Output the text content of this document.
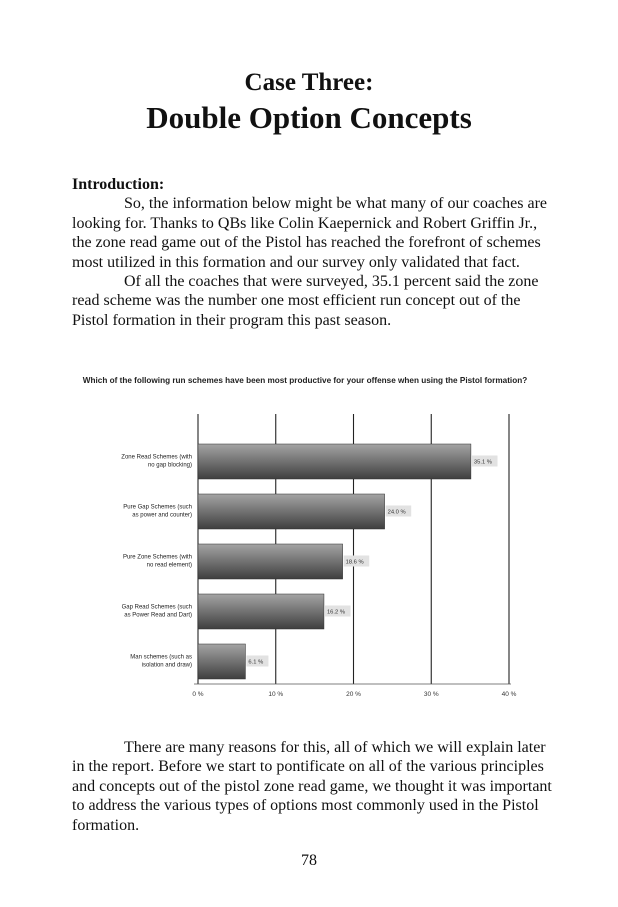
Case Three:
Double Option Concepts
Introduction:

So, the information below might be what many of our coaches are looking for. Thanks to QBs like Colin Kaepernick and Robert Griffin Jr., the zone read game out of the Pistol has reached the forefront of schemes most utilized in this formation and our survey only validated that fact.

Of all the coaches that were surveyed, 35.1 percent said the zone read scheme was the number one most efficient run concept out of the Pistol formation in their program this past season.

Which of the following run schemes have been most productive for your offense when using the Pistol formation?
0 %	10 %	20 %	30 %	40 %
35.1 %
Zone Read Schemes (with
no gap blocking)
24.0 %
Pure Gap Schemes (such
as power and counter)
18.6 %
Pure Zone Schemes (with
no read element)
16.2 %
Gap Read Schemes (such
as Power Read and Dart)
6.1 %
Man schemes (such as
isolation and draw)

There are many reasons for this, all of which we will explain later in the report. Before we start to pontificate on all of the various principles and concepts out of the pistol zone read game, we thought it was important to address the various types of options most commonly used in the Pistol formation.

78
